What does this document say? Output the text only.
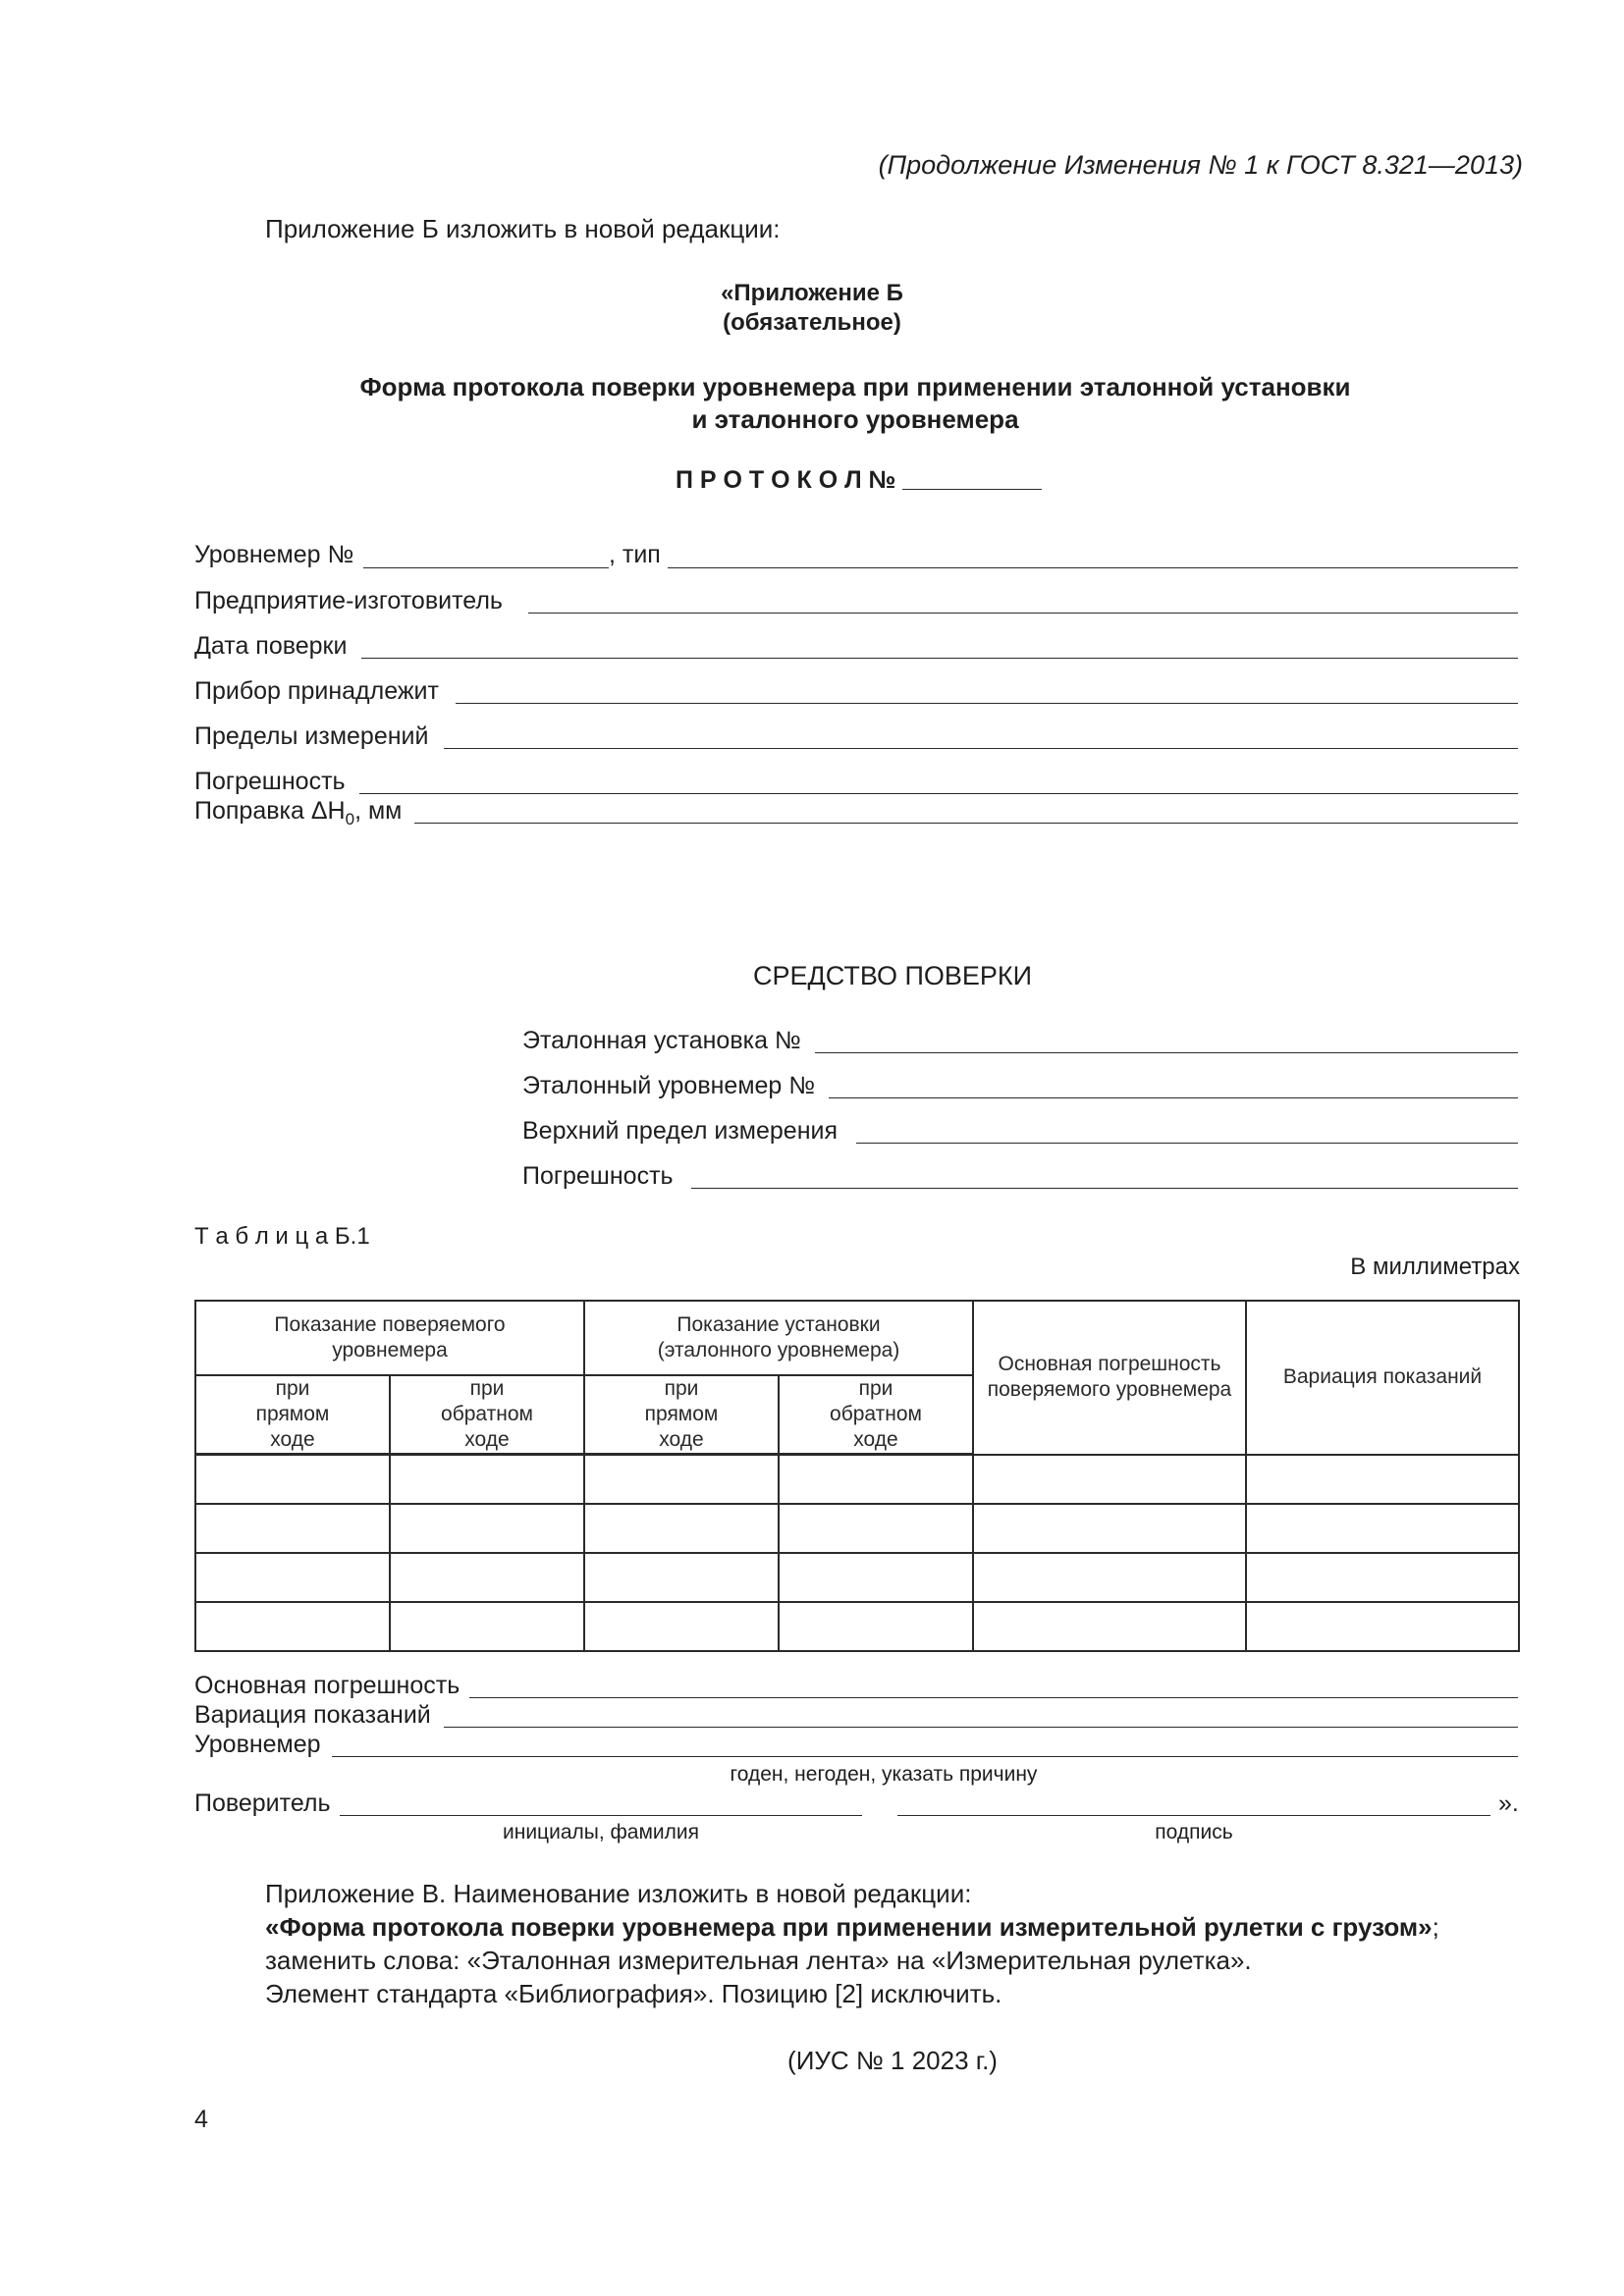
(Продолжение Изменения № 1 к ГОСТ 8.321—2013)
Приложение Б изложить в новой редакции:
«Приложение Б
(обязательное)
Форма протокола поверки уровнемера при применении эталонной установки
и эталонного уровнемера
П Р О Т О К О Л №
Уровнемер №	, тип
Предприятие-изготовитель
Дата поверки
Прибор принадлежит
Пределы измерений
Погрешность
Поправка $\Delta H_0$, мм
СРЕДСТВО ПОВЕРКИ
Эталонная установка №
Эталонный уровнемер №
Верхний предел измерения
Погрешность
Т а б л и ц а Б.1
В миллиметрах
Показание поверяемого уровнемера		Показание установки (эталонного уровнемера)		Основная погрешность поверяемого уровнемера	Вариация показаний

при прямом ходе	при обратном ходе	при прямом ходе	при обратном ходе		

Основная погрешность
Вариация показаний
Уровнемер
годен, негоден, указать причину
Поверитель	».
инициалы, фамилия	подпись
Приложение В. Наименование изложить в новой редакции:
«Форма протокола поверки уровнемера при применении измерительной рулетки с грузом»;
заменить слова: «Эталонная измерительная лента» на «Измерительная рулетка».
Элемент стандарта «Библиография». Позицию [2] исключить.
(ИУС № 1 2023 г.)
4
